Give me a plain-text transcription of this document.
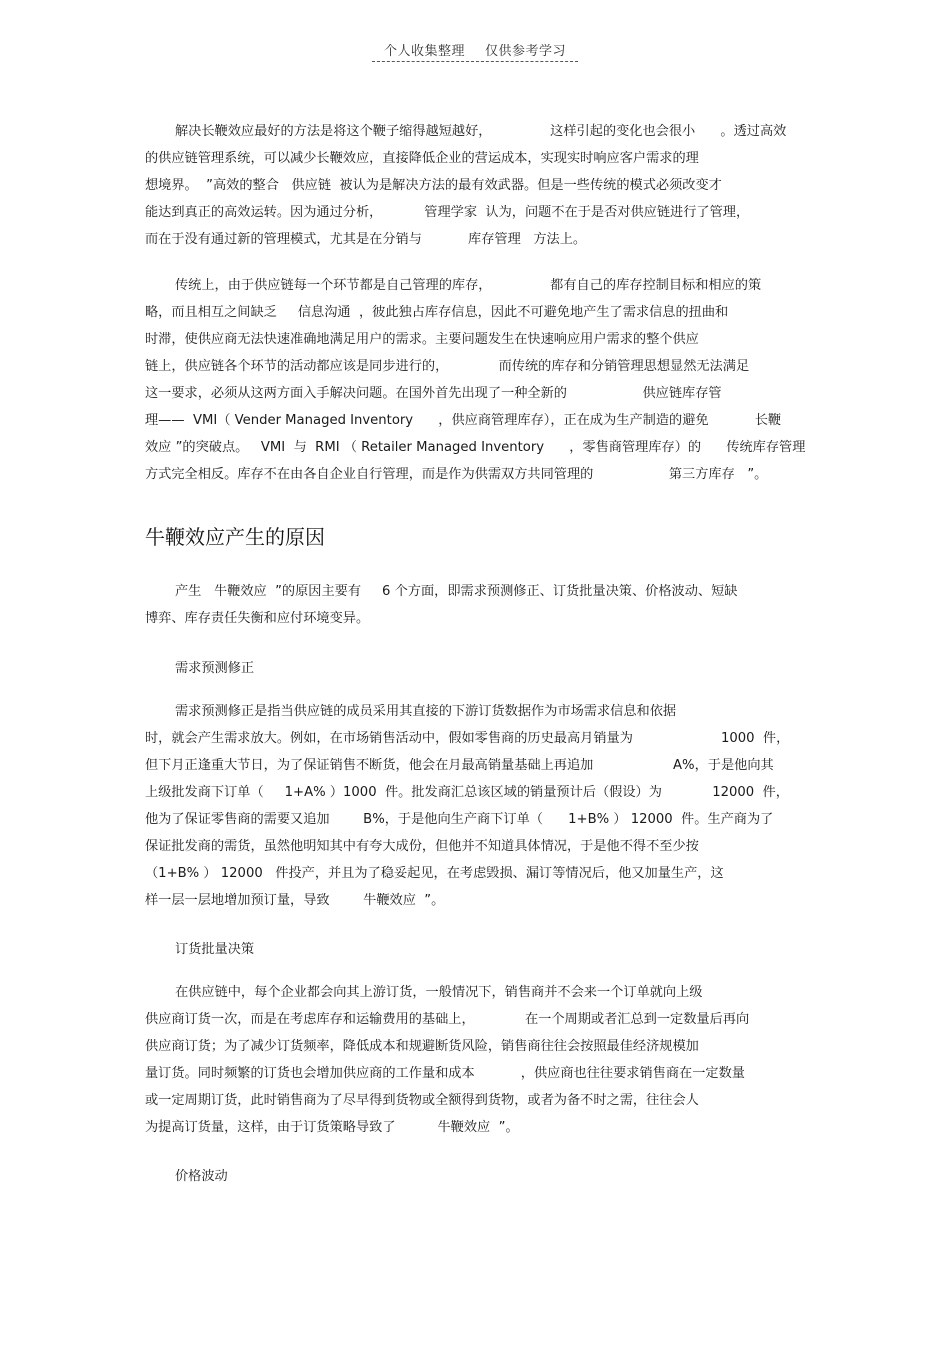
个人收集整理 仅供参考学习
解决长鞭效应最好的方法是将这个鞭子缩得越短越好，              这样引起的变化也会很小      。透过高效
的供应链管理系统，可以减少长鞭效应，直接降低企业的营运成本，实现实时响应客户需求的理
想境界。  ”高效的整合   供应链  被认为是解决方法的最有效武器。但是一些传统的模式必须改变才
能达到真正的高效运转。因为通过分析，          管理学家  认为，问题不在于是否对供应链进行了管理，
而在于没有通过新的管理模式，尤其是在分销与           库存管理   方法上。
传统上，由于供应链每一个环节都是自己管理的库存，              都有自己的库存控制目标和相应的策
略，而且相互之间缺乏     信息沟通  ，彼此独占库存信息，因此不可避免地产生了需求信息的扭曲和
时滞，使供应商无法快速准确地满足用户的需求。主要问题发生在快速响应用户需求的整个供应
链上，供应链各个环节的活动都应该是同步进行的，            而传统的库存和分销管理思想显然无法满足
这一要求，必须从这两方面入手解决问题。在国外首先出现了一种全新的                  供应链库存管
理——  VMI（ Vender Managed Inventory      ，供应商管理库存），正在成为生产制造的避免           长鞭
效应 ”的突破点。   VMI  与  RMI （ Retailer Managed Inventory      ，零售商管理库存）的      传统库存管理
方式完全相反。库存不在由各自企业自行管理，而是作为供需双方共同管理的                  第三方库存   ”。
牛鞭效应产生的原因
产生   牛鞭效应  ”的原因主要有     6 个方面，即需求预测修正、订货批量决策、价格波动、短缺
博弈、库存责任失衡和应付环境变异。
需求预测修正
需求预测修正是指当供应链的成员采用其直接的下游订货数据作为市场需求信息和依据
时，就会产生需求放大。例如，在市场销售活动中，假如零售商的历史最高月销量为                     1000  件，
但下月正逢重大节日，为了保证销售不断货，他会在月最高销量基础上再追加                   A%，于是他向其
上级批发商下订单（     1+A% ）1000  件。批发商汇总该区域的销量预计后（假设）为            12000  件，
他为了保证零售商的需要又追加        B%，于是他向生产商下订单（      1+B% ） 12000  件。生产商为了
保证批发商的需货，虽然他明知其中有夸大成份，但他并不知道具体情况，于是他不得不至少按
（1+B% ） 12000   件投产，并且为了稳妥起见，在考虑毁损、漏订等情况后，他又加量生产，这
样一层一层地增加预订量，导致        牛鞭效应  ”。
订货批量决策
在供应链中，每个企业都会向其上游订货，一般情况下，销售商并不会来一个订单就向上级
供应商订货一次，而是在考虑库存和运输费用的基础上，            在一个周期或者汇总到一定数量后再向
供应商订货；为了减少订货频率，降低成本和规避断货风险，销售商往往会按照最佳经济规模加
量订货。同时频繁的订货也会增加供应商的工作量和成本           ，供应商也往往要求销售商在一定数量
或一定周期订货，此时销售商为了尽早得到货物或全额得到货物，或者为备不时之需，往往会人
为提高订货量，这样，由于订货策略导致了          牛鞭效应  ”。
价格波动
